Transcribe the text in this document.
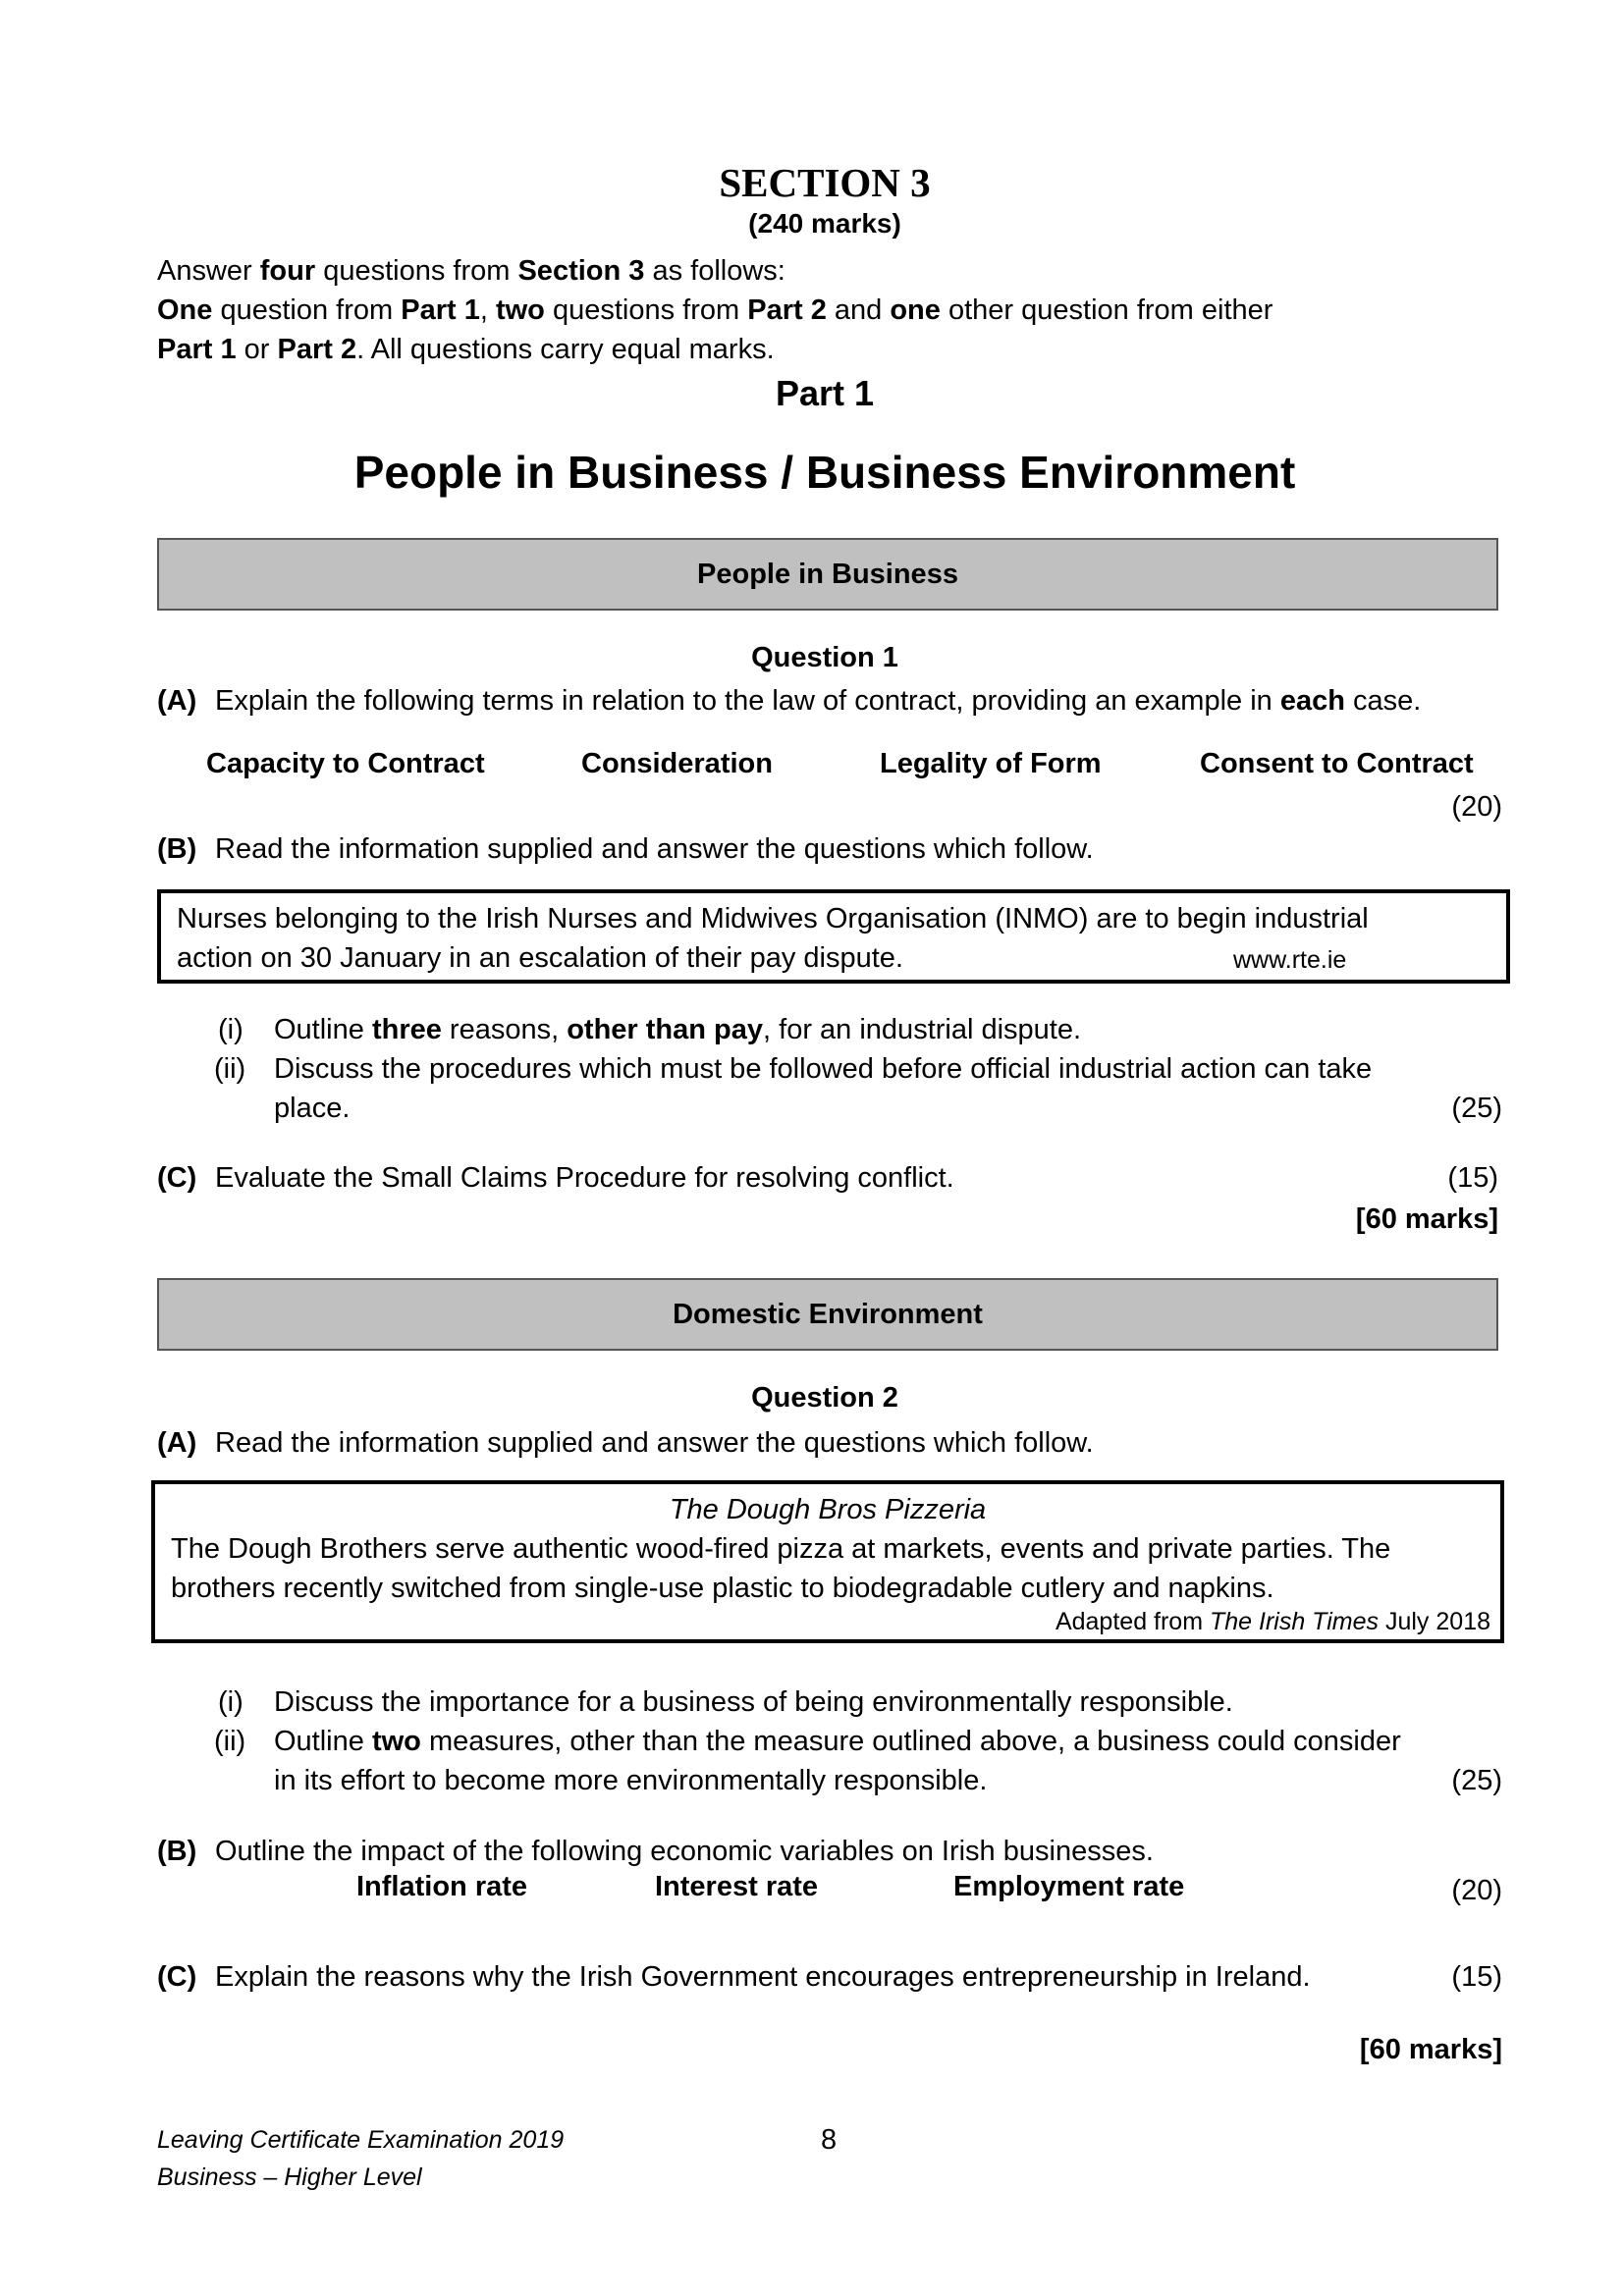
SECTION 3
(240 marks)
Answer four questions from Section 3 as follows:
One question from Part 1, two questions from Part 2 and one other question from either
Part 1 or Part 2. All questions carry equal marks.
Part 1
People in Business / Business Environment
People in Business
Question 1
(A) Explain the following terms in relation to the law of contract, providing an example in each case.
Capacity to Contract	Consideration	Legality of Form	Consent to Contract
(20)
(B) Read the information supplied and answer the questions which follow.
Nurses belonging to the Irish Nurses and Midwives Organisation (INMO) are to begin industrial
action on 30 January in an escalation of their pay dispute.	www.rte.ie
(i) Outline three reasons, other than pay, for an industrial dispute.
(ii) Discuss the procedures which must be followed before official industrial action can take
place.	(25)
(C) Evaluate the Small Claims Procedure for resolving conflict.	(15)
[60 marks]
Domestic Environment
Question 2
(A) Read the information supplied and answer the questions which follow.
The Dough Bros Pizzeria
The Dough Brothers serve authentic wood-fired pizza at markets, events and private parties. The
brothers recently switched from single-use plastic to biodegradable cutlery and napkins.
Adapted from The Irish Times July 2018
(i) Discuss the importance for a business of being environmentally responsible.
(ii) Outline two measures, other than the measure outlined above, a business could consider
in its effort to become more environmentally responsible.	(25)
(B) Outline the impact of the following economic variables on Irish businesses.
Inflation rate	Interest rate	Employment rate	(20)
(C) Explain the reasons why the Irish Government encourages entrepreneurship in Ireland.	(15)
[60 marks]
Leaving Certificate Examination 2019
Business – Higher Level
8
